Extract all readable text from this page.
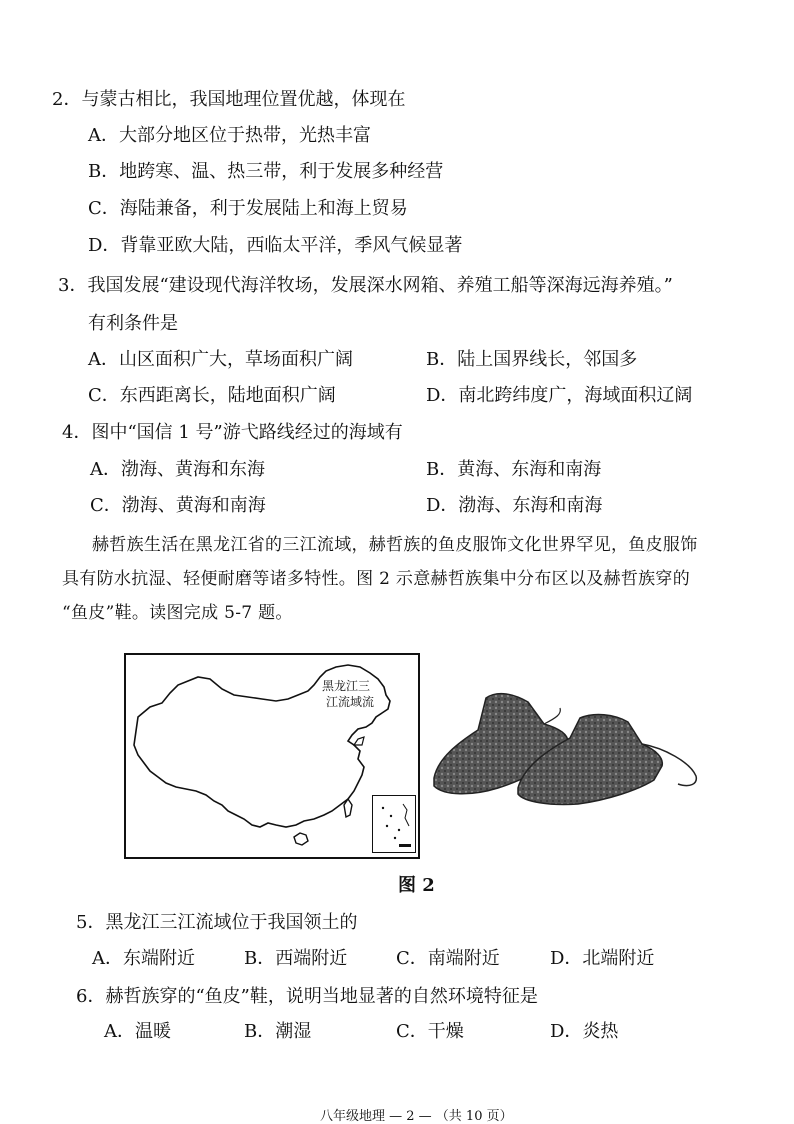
2．与蒙古相比，我国地理位置优越，体现在
A．大部分地区位于热带，光热丰富
B．地跨寒、温、热三带，利于发展多种经营
C．海陆兼备，利于发展陆上和海上贸易
D．背靠亚欧大陆，西临太平洋，季风气候显著
3．我国发展“建设现代海洋牧场，发展深水网箱、养殖工船等深海远海养殖。”
有利条件是
A．山区面积广大，草场面积广阔	B．陆上国界线长，邻国多
C．东西距离长，陆地面积广阔	D．南北跨纬度广，海域面积辽阔
4．图中“国信 1 号”游弋路线经过的海域有
A．渤海、黄海和东海	B．黄海、东海和南海
C．渤海、黄海和南海	D．渤海、东海和南海
赫哲族生活在黑龙江省的三江流域，赫哲族的鱼皮服饰文化世界罕见，鱼皮服饰
具有防水抗湿、轻便耐磨等诸多特性。图 2 示意赫哲族集中分布区以及赫哲族穿的
“鱼皮”鞋。读图完成 5-7 题。
黑龙江三
江流域流
图 2
5．黑龙江三江流域位于我国领土的
A．东端附近	B．西端附近	C．南端附近	D．北端附近
6．赫哲族穿的“鱼皮”鞋，说明当地显著的自然环境特征是
A．温暖	B．潮湿	C．干燥	D．炎热
八年级地理 — 2 — （共 10 页）
